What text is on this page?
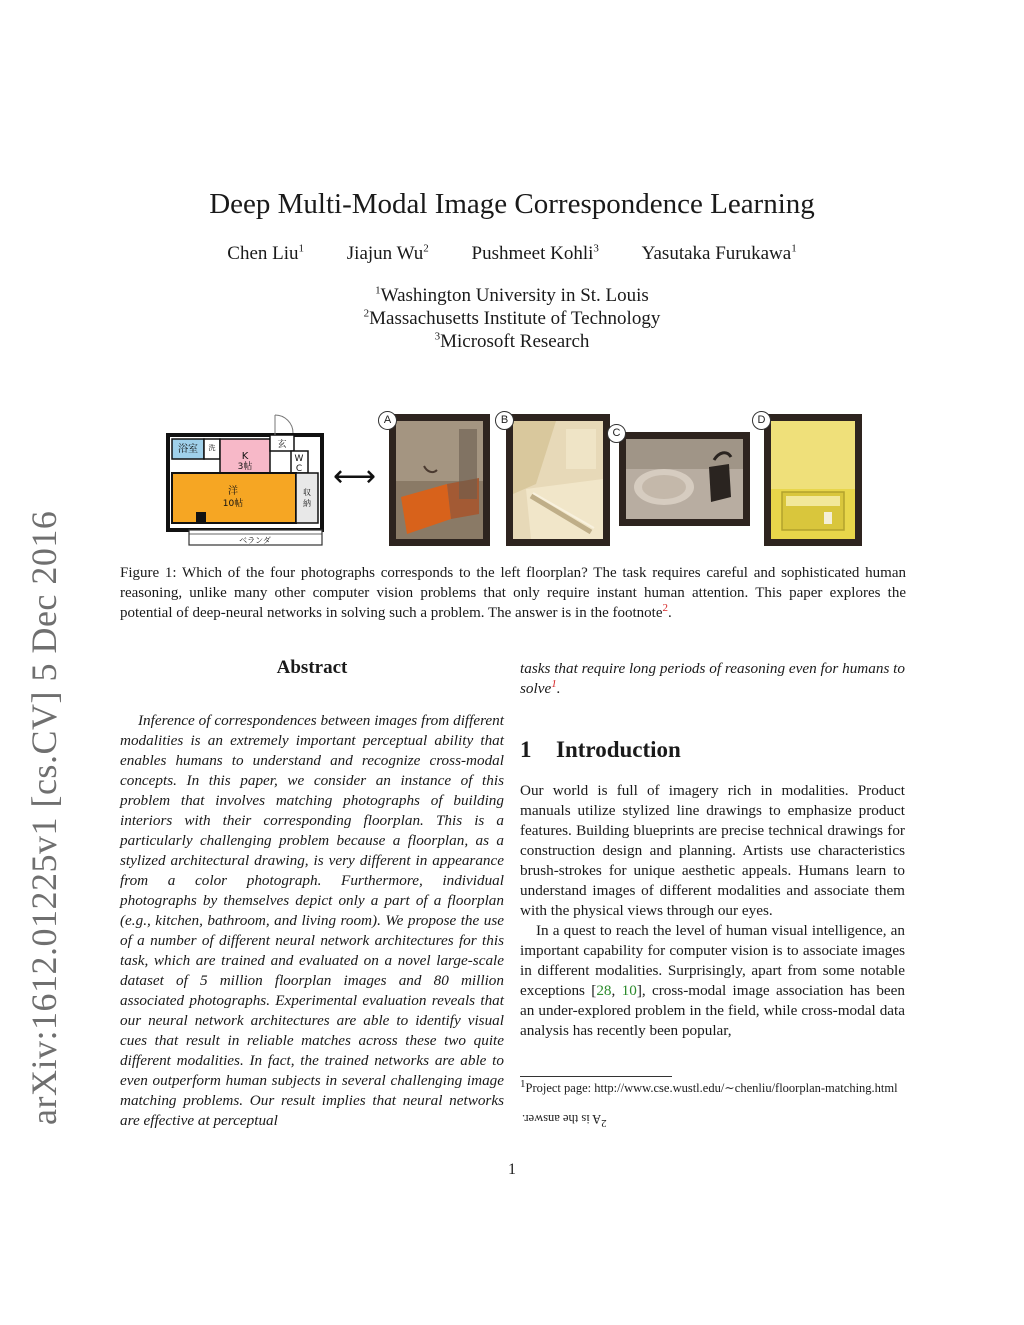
arXiv:1612.01225v1 [cs.CV] 5 Dec 2016
Deep Multi-Modal Image Correspondence Learning
Chen Liu$^1$ Jiajun Wu$^2$ Pushmeet Kohli$^3$ Yasutaka Furukawa$^1$
$^1$Washington University in St. Louis
$^2$Massachusetts Institute of Technology
$^3$Microsoft Research
浴室 洗	玄
K
3帖
W
C
洋
10帖
収
納
ベランダ
⟷
A	B
C
D
Figure 1: Which of the four photographs corresponds to the left floorplan? The task requires careful and sophisticated human reasoning, unlike many other computer vision problems that only require instant human attention. This paper explores the potential of deep-neural networks in solving such a problem. The answer is in the footnote$^2$.
Abstract

Inference of correspondences between images from different modalities is an extremely important perceptual ability that enables humans to understand and recognize cross-modal concepts. In this paper, we consider an instance of this problem that involves matching photographs of building interiors with their corresponding floorplan. This is a particularly challenging problem because a floorplan, as a stylized architectural drawing, is very different in appearance from a color photograph. Furthermore, individual photographs by themselves depict only a part of a floorplan (e.g., kitchen, bathroom, and living room). We propose the use of a number of different neural network architectures for this task, which are trained and evaluated on a novel large-scale dataset of 5 million floorplan images and 80 million associated photographs. Experimental evaluation reveals that our neural network architectures are able to identify visual cues that result in reliable matches across these two quite different modalities. In fact, the trained networks are able to even outperform human subjects in several challenging image matching problems. Our result implies that neural networks are effective at perceptual

tasks that require long periods of reasoning even for humans to solve$^1$.

1 Introduction

Our world is full of imagery rich in modalities. Product manuals utilize stylized line drawings to emphasize product features. Building blueprints are precise technical drawings for construction design and planning. Artists use characteristics brush-strokes for unique aesthetic appeals. Humans learn to understand images of different modalities and associate them with the physical views through our eyes.

In a quest to reach the level of human visual intelligence, an important capability for computer vision is to associate images in different modalities. Surprisingly, apart from some notable exceptions [28, 10], cross-modal image association has been an under-explored problem in the field, while cross-modal data analysis has recently been popular,

$^1$Project page: http://www.cse.wustl.edu/∼chenliu/floorplan-matching.html
$^2$A is the answer.
1
